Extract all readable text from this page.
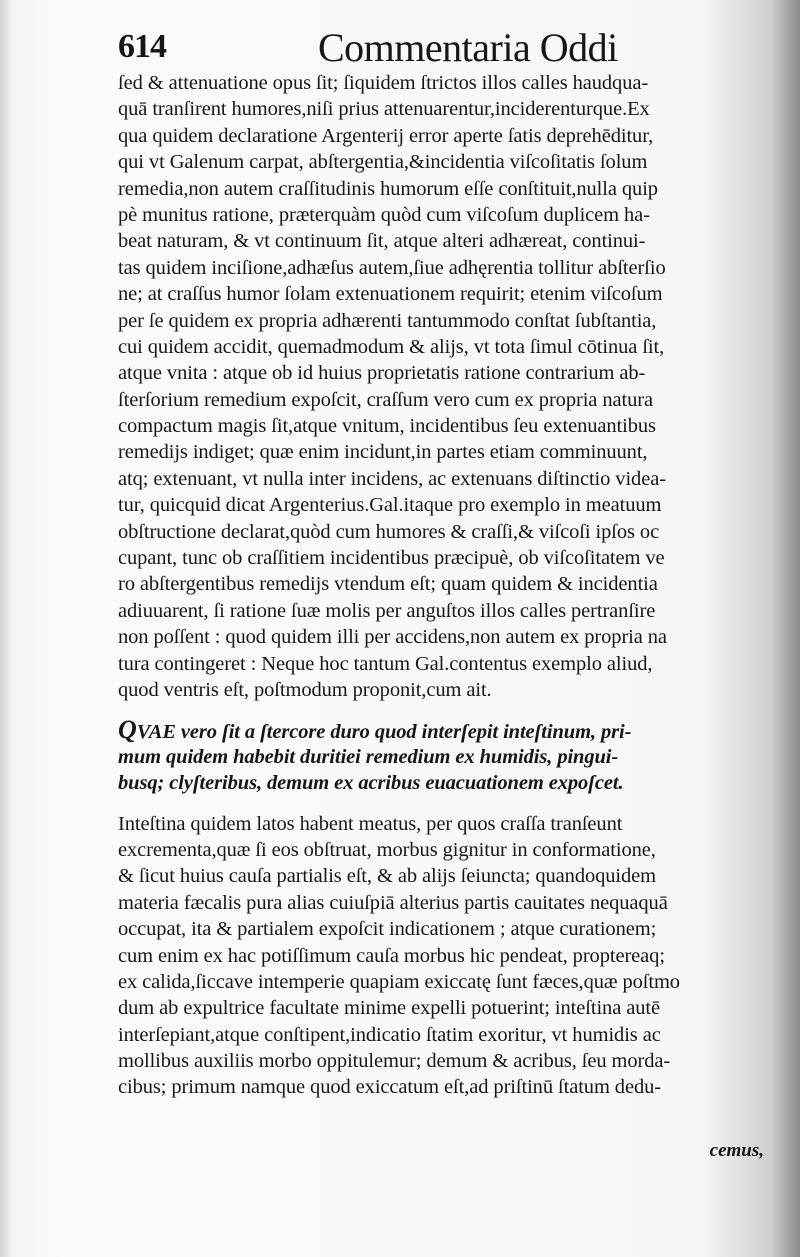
614	Commentaria Oddi
ſed & attenuatione opus ſit; ſiquidem ſtrictos illos calles haudqua-
quā tranſirent humores,niſi prius attenuarentur,inciderenturque.Ex
qua quidem declaratione Argenterij error aperte ſatis deprehēditur,
qui vt Galenum carpat, abſtergentia,&incidentia viſcoſitatis ſolum
remedia,non autem craſſitudinis humorum eſſe conſtituit,nulla quip
pè munitus ratione, præterquàm quòd cum viſcoſum duplicem ha-
beat naturam, & vt continuum ſit, atque alteri adhæreat, continui-
tas quidem inciſione,adhæſus autem,ſiue adhęrentia tollitur abſterſio
ne; at craſſus humor ſolam extenuationem requirit; etenim viſcoſum
per ſe quidem ex propria adhærenti tantummodo conſtat ſubſtantia,
cui quidem accidit, quemadmodum & alijs, vt tota ſimul cōtinua ſit,
atque vnita : atque ob id huius proprietatis ratione contrarium ab-
ſterſorium remedium expoſcit, craſſum vero cum ex propria natura
compactum magis ſit,atque vnitum, incidentibus ſeu extenuantibus
remedijs indiget; quæ enim incidunt,in partes etiam comminuunt,
atq; extenuant, vt nulla inter incidens, ac extenuans diſtinctio videa-
tur, quicquid dicat Argenterius.Gal.itaque pro exemplo in meatuum
obſtructione declarat,quòd cum humores & craſſi,& viſcoſi ipſos oc
cupant, tunc ob craſſitiem incidentibus præcipuè, ob viſcoſitatem ve
ro abſtergentibus remedijs vtendum eſt; quam quidem & incidentia
adiuuarent, ſi ratione ſuæ molis per anguſtos illos calles pertranſire
non poſſent : quod quidem illi per accidens,non autem ex propria na
tura contingeret : Neque hoc tantum Gal.contentus exemplo aliud,
quod ventris eſt, poſtmodum proponit,cum ait.
QVAE vero ſit a ſtercore duro quod interſepit inteſtinum, pri-
mum quidem habebit duritiei remedium ex humidis, pingui-
busq; clyſteribus, demum ex acribus euacuationem expoſcet.
Inteſtina quidem latos habent meatus, per quos craſſa tranſeunt
excrementa,quæ ſi eos obſtruat, morbus gignitur in conformatione,
& ſicut huius cauſa partialis eſt, & ab alijs ſeiuncta; quandoquidem
materia fæcalis pura alias cuiuſpiā alterius partis cauitates nequaquā
occupat, ita & partialem expoſcit indicationem ; atque curationem;
cum enim ex hac potiſſimum cauſa morbus hic pendeat, proptereaq;
ex calida,ſiccave intemperie quapiam exiccatę ſunt fæces,quæ poſtmo
dum ab expultrice facultate minime expelli potuerint; inteſtina autē
interſepiant,atque conſtipent,indicatio ſtatim exoritur, vt humidis ac
mollibus auxiliis morbo oppitulemur; demum & acribus, ſeu morda-
cibus; primum namque quod exiccatum eſt,ad priſtinū ſtatum dedu-
cemus,
